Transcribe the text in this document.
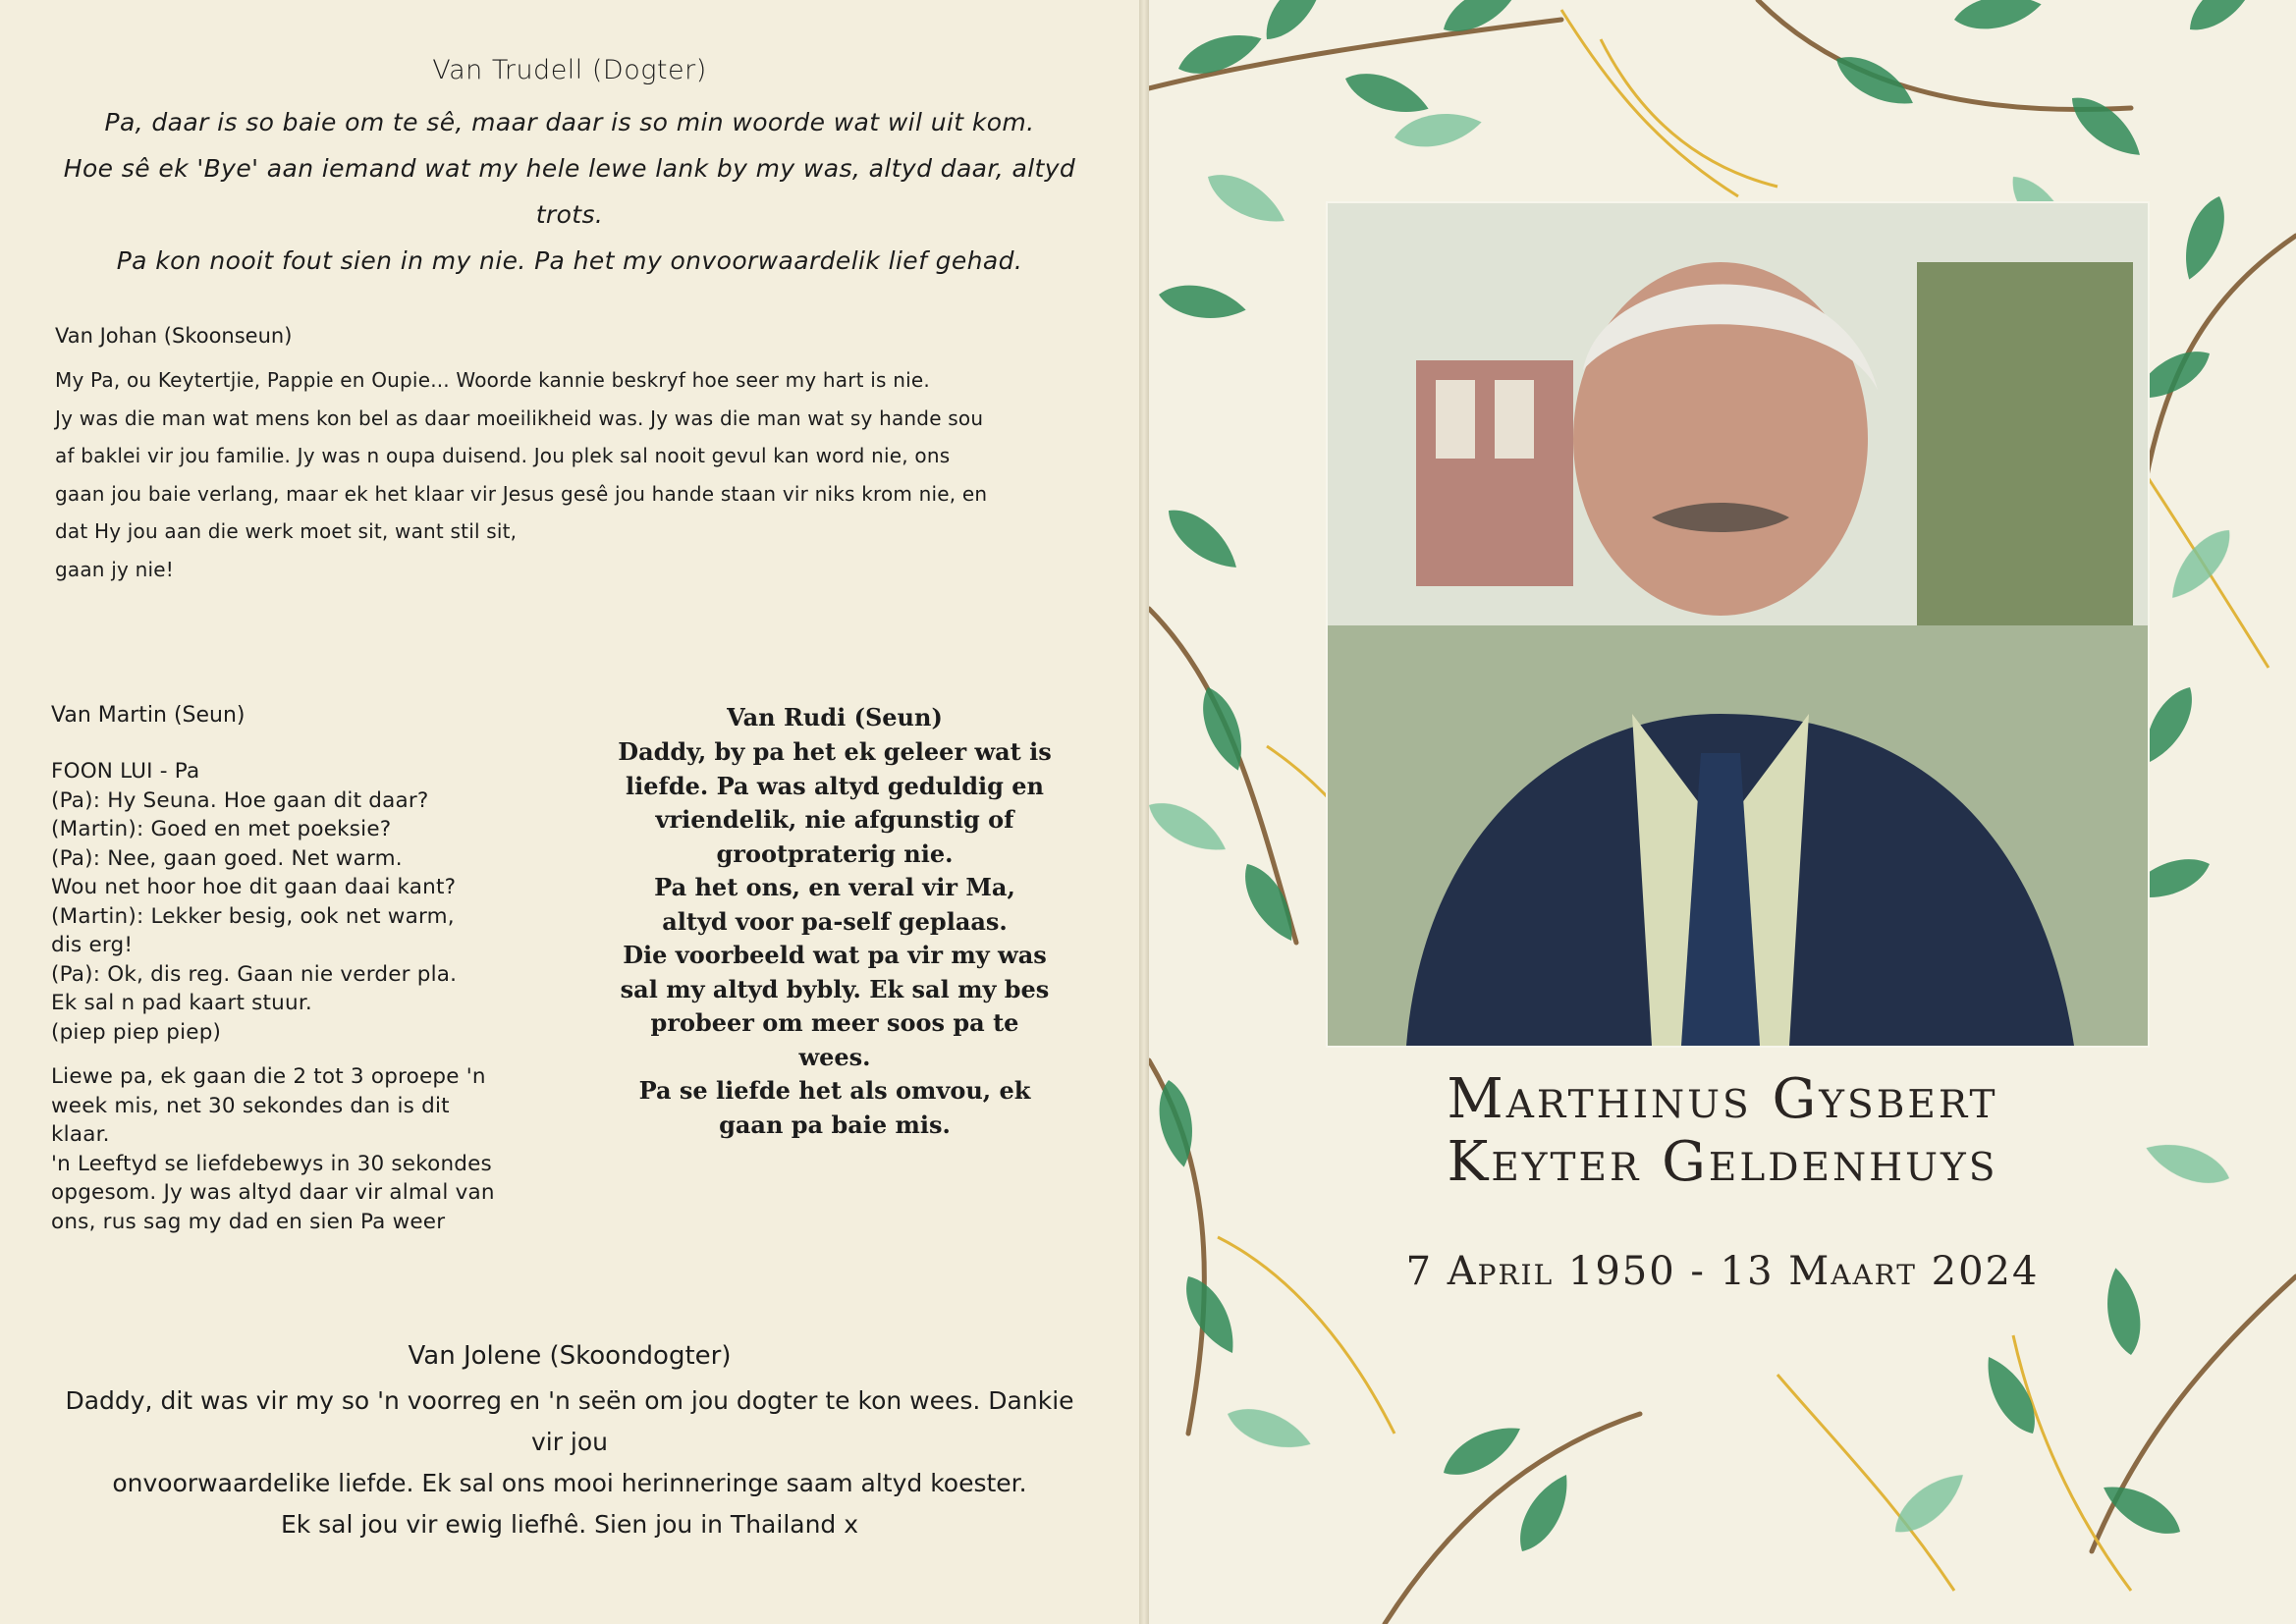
Van Trudell (Dogter)
Pa, daar is so baie om te sê, maar daar is so min woorde wat wil uit kom.
Hoe sê ek 'Bye' aan iemand wat my hele lewe lank by my was, altyd daar, altyd trots.
Pa kon nooit fout sien in my nie. Pa het my onvoorwaardelik lief gehad.
Van Johan (Skoonseun)
My Pa, ou Keytertjie, Pappie en Oupie... Woorde kannie beskryf hoe seer my hart is nie.
Jy was die man wat mens kon bel as daar moeilikheid was. Jy was die man wat sy hande sou
af baklei vir jou familie. Jy was n oupa duisend. Jou plek sal nooit gevul kan word nie, ons
gaan jou baie verlang, maar ek het klaar vir Jesus gesê jou hande staan vir niks krom nie, en
dat Hy jou aan die werk moet sit, want stil sit,
gaan jy nie!
Van Martin (Seun)
FOON LUI - Pa
(Pa): Hy Seuna. Hoe gaan dit daar?
(Martin): Goed en met poeksie?
(Pa): Nee, gaan goed. Net warm.
Wou net hoor hoe dit gaan daai kant?
(Martin): Lekker besig, ook net warm,
dis erg!
(Pa): Ok, dis reg. Gaan nie verder pla.
Ek sal n pad kaart stuur.
(piep piep piep)
Liewe pa, ek gaan die 2 tot 3 oproepe 'n
week mis, net 30 sekondes dan is dit
klaar.
'n Leeftyd se liefdebewys in 30 sekondes
opgesom. Jy was altyd daar vir almal van
ons, rus sag my dad en sien Pa weer
Van Rudi (Seun)
Daddy, by pa het ek geleer wat is
liefde. Pa was altyd geduldig en
vriendelik, nie afgunstig of
grootpraterig nie.
Pa het ons, en veral vir Ma,
altyd voor pa-self geplaas.
Die voorbeeld wat pa vir my was
sal my altyd bybly. Ek sal my bes
probeer om meer soos pa te
wees.
Pa se liefde het als omvou, ek
gaan pa baie mis.
Van Jolene (Skoondogter)
Daddy, dit was vir my so 'n voorreg en 'n seën om jou dogter te kon wees. Dankie vir jou
onvoorwaardelike liefde. Ek sal ons mooi herinneringe saam altyd koester.
Ek sal jou vir ewig liefhê. Sien jou in Thailand x
Marthinus Gysbert
Keyter Geldenhuys
7 April 1950 - 13 Maart 2024
